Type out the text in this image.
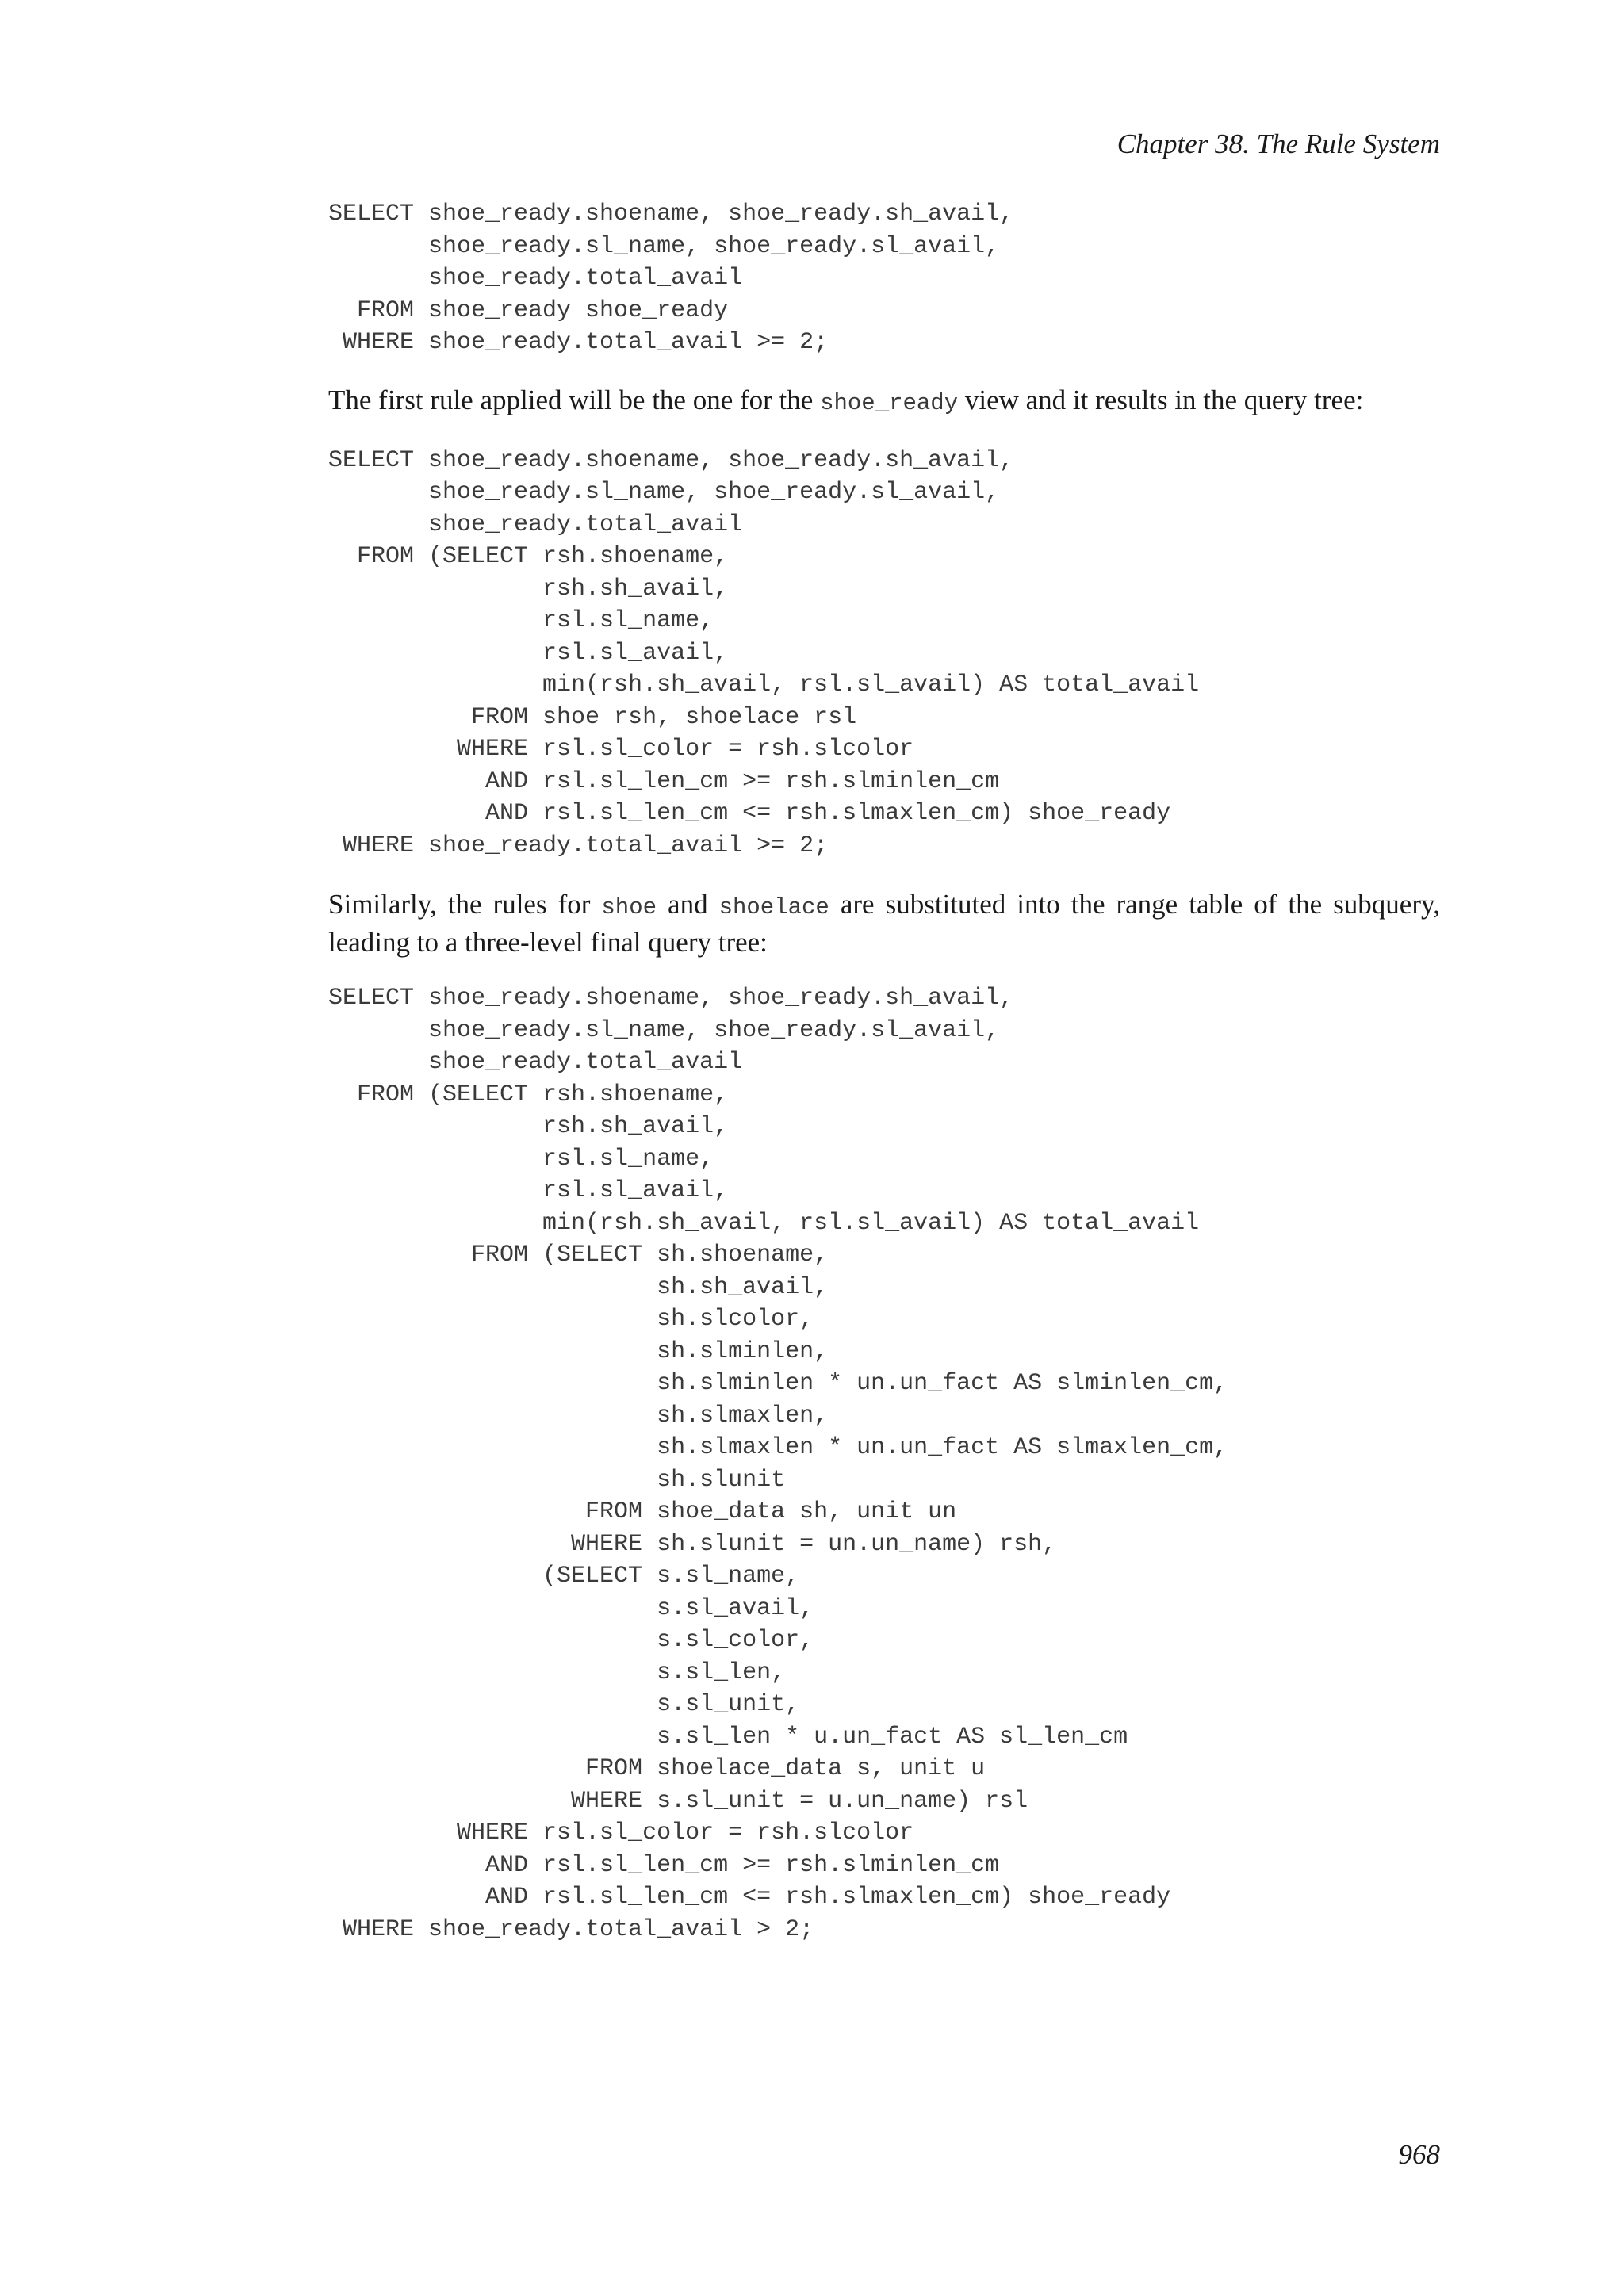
Chapter 38. The Rule System
SELECT shoe_ready.shoename, shoe_ready.sh_avail,
shoe_ready.sl_name, shoe_ready.sl_avail,
shoe_ready.total_avail
FROM shoe_ready shoe_ready
WHERE shoe_ready.total_avail >= 2;

The first rule applied will be the one for the shoe_ready view and it results in the query tree:

SELECT shoe_ready.shoename, shoe_ready.sh_avail,
shoe_ready.sl_name, shoe_ready.sl_avail,
shoe_ready.total_avail
FROM (SELECT rsh.shoename,
rsh.sh_avail,
rsl.sl_name,
rsl.sl_avail,
min(rsh.sh_avail, rsl.sl_avail) AS total_avail
FROM shoe rsh, shoelace rsl
WHERE rsl.sl_color = rsh.slcolor
AND rsl.sl_len_cm >= rsh.slminlen_cm
AND rsl.sl_len_cm <= rsh.slmaxlen_cm) shoe_ready
WHERE shoe_ready.total_avail >= 2;

Similarly, the rules for shoe and shoelace are substituted into the range table of the subquery, leading to a three-level final query tree:

SELECT shoe_ready.shoename, shoe_ready.sh_avail,
shoe_ready.sl_name, shoe_ready.sl_avail,
shoe_ready.total_avail
FROM (SELECT rsh.shoename,
rsh.sh_avail,
rsl.sl_name,
rsl.sl_avail,
min(rsh.sh_avail, rsl.sl_avail) AS total_avail
FROM (SELECT sh.shoename,
sh.sh_avail,
sh.slcolor,
sh.slminlen,
sh.slminlen * un.un_fact AS slminlen_cm,
sh.slmaxlen,
sh.slmaxlen * un.un_fact AS slmaxlen_cm,
sh.slunit
FROM shoe_data sh, unit un
WHERE sh.slunit = un.un_name) rsh,
(SELECT s.sl_name,
s.sl_avail,
s.sl_color,
s.sl_len,
s.sl_unit,
s.sl_len * u.un_fact AS sl_len_cm
FROM shoelace_data s, unit u
WHERE s.sl_unit = u.un_name) rsl
WHERE rsl.sl_color = rsh.slcolor
AND rsl.sl_len_cm >= rsh.slminlen_cm
AND rsl.sl_len_cm <= rsh.slmaxlen_cm) shoe_ready
WHERE shoe_ready.total_avail > 2;
968
